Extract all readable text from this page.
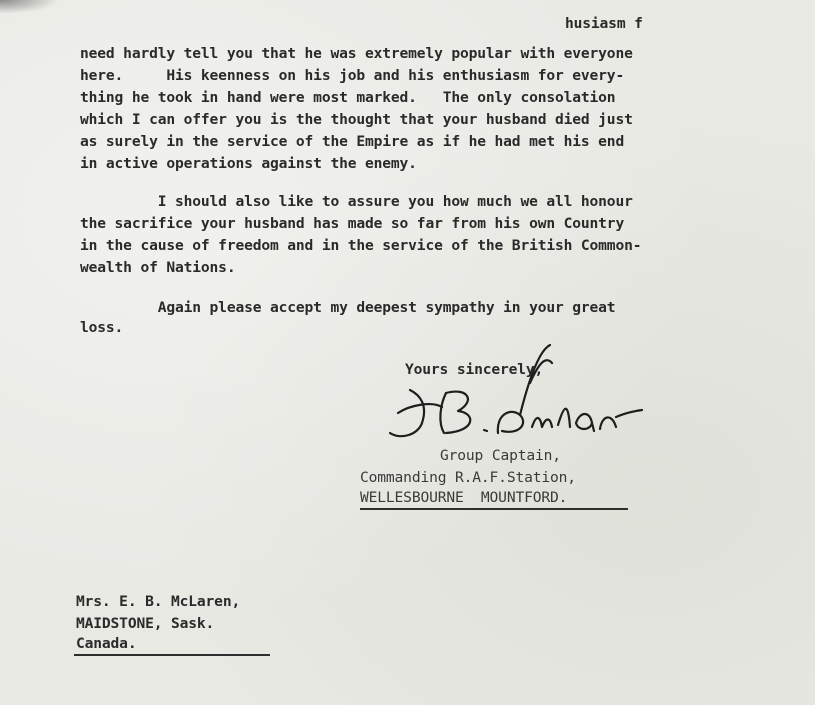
husiasm f
need hardly tell you that he was extremely popular with everyone
here.     His keenness on his job and his enthusiasm for every-
thing he took in hand were most marked.   The only consolation
which I can offer you is the thought that your husband died just
as surely in the service of the Empire as if he had met his end
in active operations against the enemy.
I should also like to assure you how much we all honour
the sacrifice your husband has made so far from his own Country
in the cause of freedom and in the service of the British Common-
wealth of Nations.
Again please accept my deepest sympathy in your great
loss.
Yours sincerely,
R.B. Dulan
Group Captain,
Commanding R.A.F.Station,
WELLESBOURNE  MOUNTFORD.
Mrs. E. B. McLaren,
MAIDSTONE, Sask.
Canada.
